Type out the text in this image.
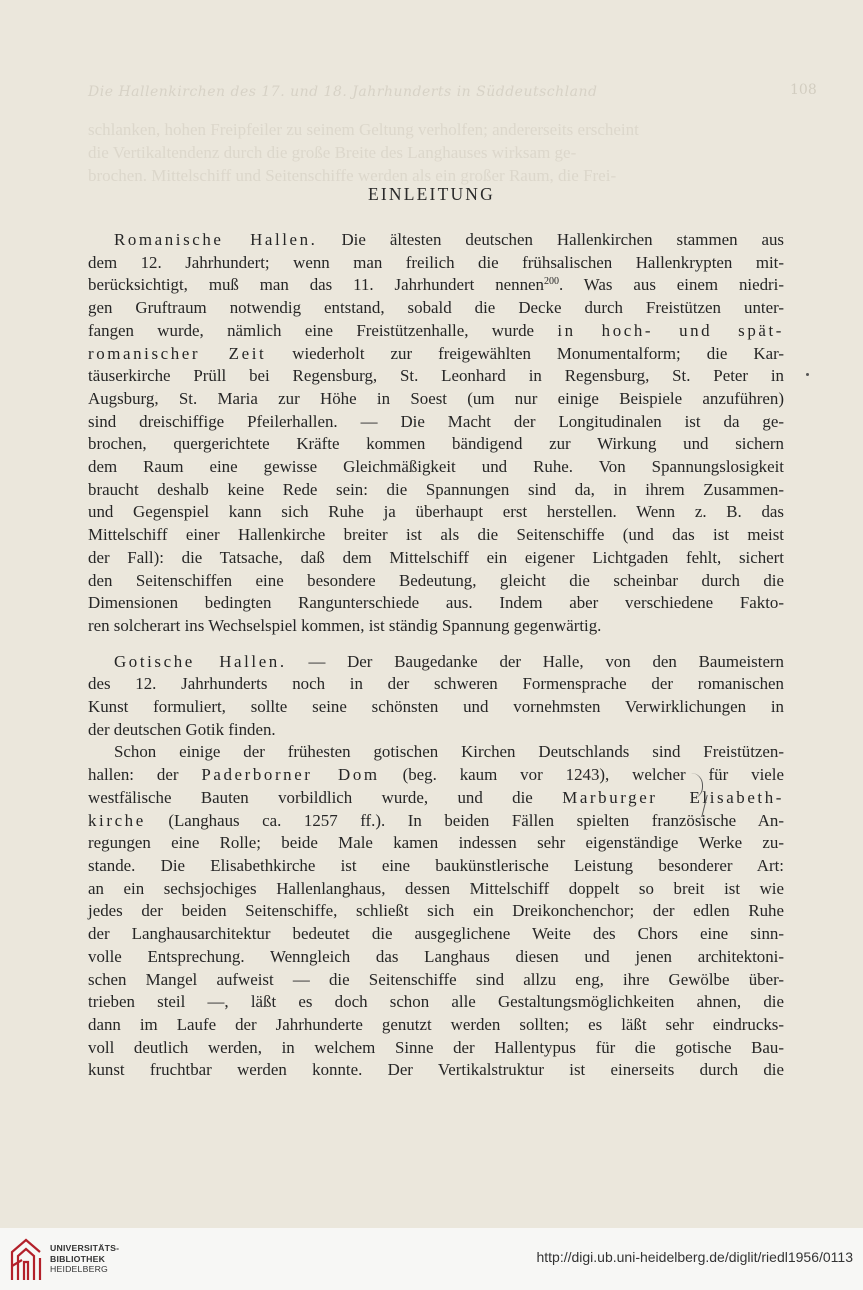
Die Hallenkirchen des 17. und 18. Jahrhunderts in Süddeutschland	108
schlanken, hohen Freipfeiler zu seinem Geltung verholfen; andererseits erscheint
die Vertikaltendenz durch die große Breite des Langhauses wirksam ge-
brochen. Mittelschiff und Seitenschiffe werden als ein großer Raum, die Frei-
EINLEITUNG

Romanische Hallen. Die ältesten deutschen Hallenkirchen stammen aus

dem 12. Jahrhundert; wenn man freilich die frühsalischen Hallenkrypten mit-

berücksichtigt, muß man das 11. Jahrhundert nennen$^{200}$. Was aus einem niedri-

gen Gruftraum notwendig entstand, sobald die Decke durch Freistützen unter-

fangen wurde, nämlich eine Freistützenhalle, wurde in hoch- und spät-

romanischer Zeit wiederholt zur freigewählten Monumentalform; die Kar-

täuserkirche Prüll bei Regensburg, St. Leonhard in Regensburg, St. Peter in

Augsburg, St. Maria zur Höhe in Soest (um nur einige Beispiele anzuführen)

sind dreischiffige Pfeilerhallen. — Die Macht der Longitudinalen ist da ge-

brochen, quergerichtete Kräfte kommen bändigend zur Wirkung und sichern

dem Raum eine gewisse Gleichmäßigkeit und Ruhe. Von Spannungslosigkeit

braucht deshalb keine Rede sein: die Spannungen sind da, in ihrem Zusammen-

und Gegenspiel kann sich Ruhe ja überhaupt erst herstellen. Wenn z. B. das

Mittelschiff einer Hallenkirche breiter ist als die Seitenschiffe (und das ist meist

der Fall): die Tatsache, daß dem Mittelschiff ein eigener Lichtgaden fehlt, sichert

den Seitenschiffen eine besondere Bedeutung, gleicht die scheinbar durch die

Dimensionen bedingten Rangunterschiede aus. Indem aber verschiedene Fakto-

ren solcherart ins Wechselspiel kommen, ist ständig Spannung gegenwärtig.

Gotische Hallen. — Der Baugedanke der Halle, von den Baumeistern

des 12. Jahrhunderts noch in der schweren Formensprache der romanischen

Kunst formuliert, sollte seine schönsten und vornehmsten Verwirklichungen in

der deutschen Gotik finden.

Schon einige der frühesten gotischen Kirchen Deutschlands sind Freistützen-

hallen: der Paderborner Dom (beg. kaum vor 1243), welcher für viele

westfälische Bauten vorbildlich wurde, und die Marburger Elisabeth-

kirche (Langhaus ca. 1257 ff.). In beiden Fällen spielten französische An-

regungen eine Rolle; beide Male kamen indessen sehr eigenständige Werke zu-

stande. Die Elisabethkirche ist eine baukünstlerische Leistung besonderer Art:

an ein sechsjochiges Hallenlanghaus, dessen Mittelschiff doppelt so breit ist wie

jedes der beiden Seitenschiffe, schließt sich ein Dreikonchenchor; der edlen Ruhe

der Langhausarchitektur bedeutet die ausgeglichene Weite des Chors eine sinn-

volle Entsprechung. Wenngleich das Langhaus diesen und jenen architektoni-

schen Mangel aufweist — die Seitenschiffe sind allzu eng, ihre Gewölbe über-

trieben steil —, läßt es doch schon alle Gestaltungsmöglichkeiten ahnen, die

dann im Laufe der Jahrhunderte genutzt werden sollten; es läßt sehr eindrucks-

voll deutlich werden, in welchem Sinne der Hallentypus für die gotische Bau-

kunst fruchtbar werden konnte. Der Vertikalstruktur ist einerseits durch die

UNIVERSITÄTS-
BIBLIOTHEK
HEIDELBERG
http://digi.ub.uni-heidelberg.de/diglit/riedl1956/0113
